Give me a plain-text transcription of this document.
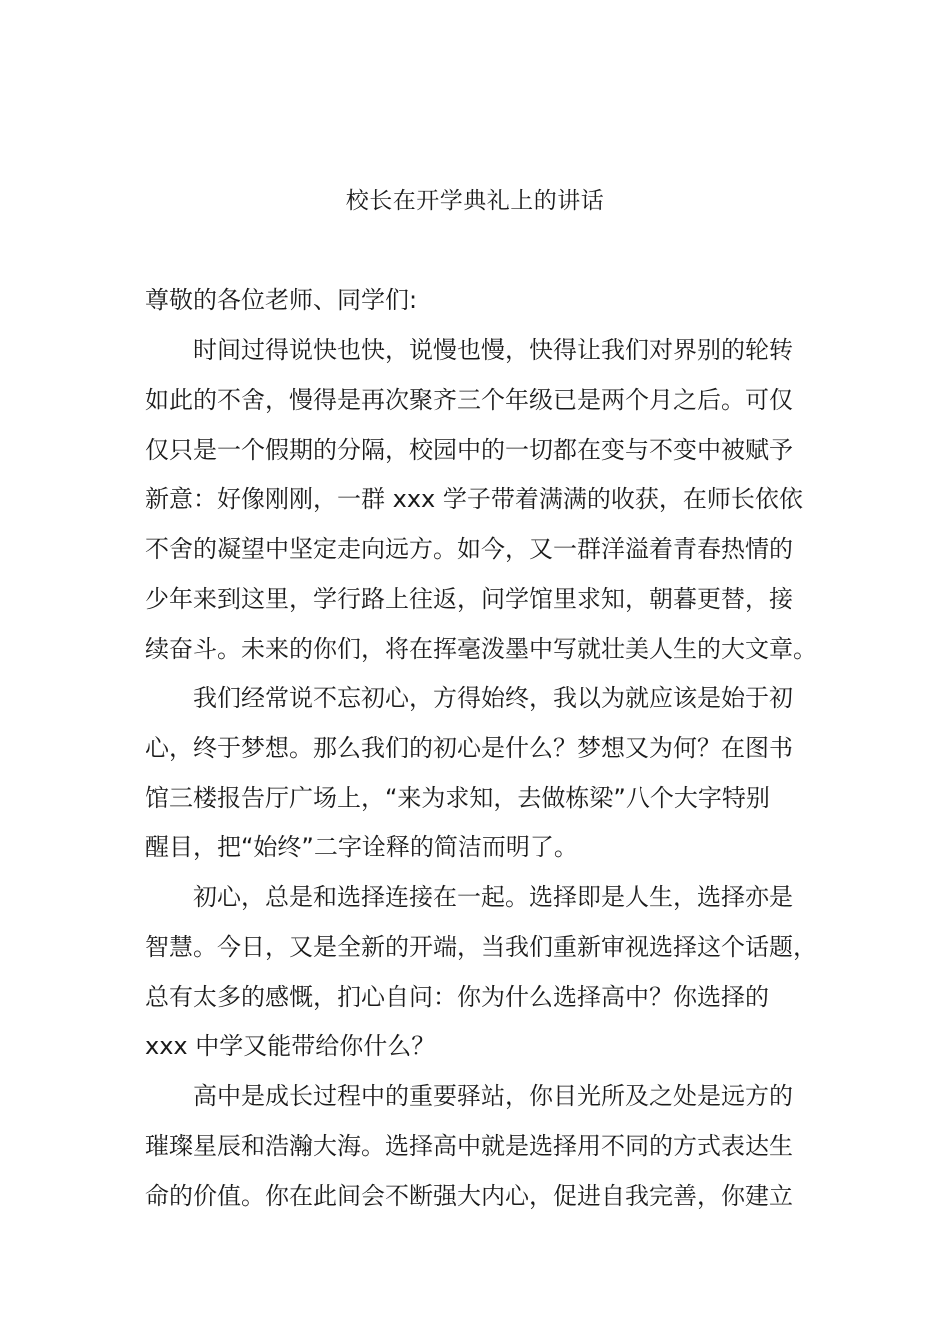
校长在开学典礼上的讲话
尊敬的各位老师、同学们:
时间过得说快也快，说慢也慢，快得让我们对界别的轮转
如此的不舍，慢得是再次聚齐三个年级已是两个月之后。可仅
仅只是一个假期的分隔，校园中的一切都在变与不变中被赋予
新意：好像刚刚，一群 xxx 学子带着满满的收获，在师长依依
不舍的凝望中坚定走向远方。如今，又一群洋溢着青春热情的
少年来到这里，学行路上往返，问学馆里求知，朝暮更替，接
续奋斗。未来的你们，将在挥毫泼墨中写就壮美人生的大文章。
我们经常说不忘初心，方得始终，我以为就应该是始于初
心，终于梦想。那么我们的初心是什么？梦想又为何？在图书
馆三楼报告厅广场上，“来为求知，去做栋梁”八个大字特别
醒目，把“始终”二字诠释的简洁而明了。
初心，总是和选择连接在一起。选择即是人生，选择亦是
智慧。今日，又是全新的开端，当我们重新审视选择这个话题，
总有太多的感慨，扪心自问：你为什么选择高中？你选择的
xxx 中学又能带给你什么？
高中是成长过程中的重要驿站，你目光所及之处是远方的
璀璨星辰和浩瀚大海。选择高中就是选择用不同的方式表达生
命的价值。你在此间会不断强大内心，促进自我完善，你建立
